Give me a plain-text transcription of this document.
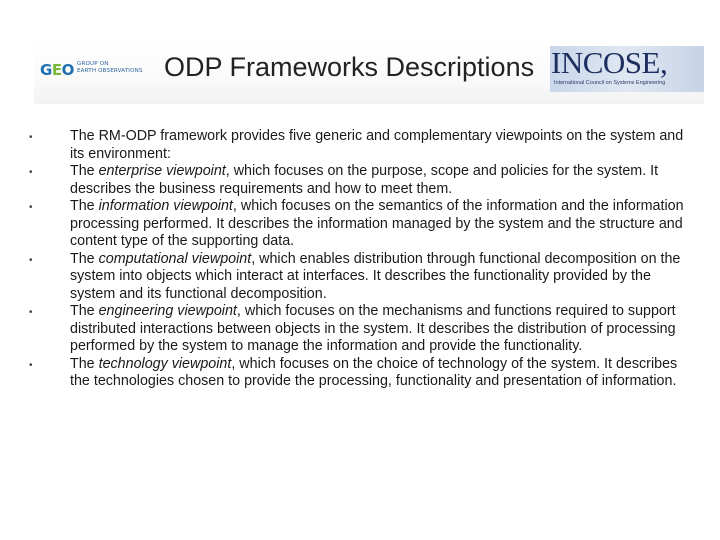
GEO GROUP ON
EARTH OBSERVATIONS ODP Frameworks Descriptions INCOSE,
International Council on Systems Engineering
•	The RM-ODP framework provides five generic and complementary viewpoints on the system and its environment:
•	The enterprise viewpoint, which focuses on the purpose, scope and policies for the system. It describes the business requirements and how to meet them.
•	The information viewpoint, which focuses on the semantics of the information and the information processing performed. It describes the information managed by the system and the structure and content type of the supporting data.
•	The computational viewpoint, which enables distribution through functional decomposition on the system into objects which interact at interfaces. It describes the functionality provided by the system and its functional decomposition.
•	The engineering viewpoint, which focuses on the mechanisms and functions required to support distributed interactions between objects in the system. It describes the distribution of processing performed by the system to manage the information and provide the functionality.
•	The technology viewpoint, which focuses on the choice of technology of the system. It describes the technologies chosen to provide the processing, functionality and presentation of information.
